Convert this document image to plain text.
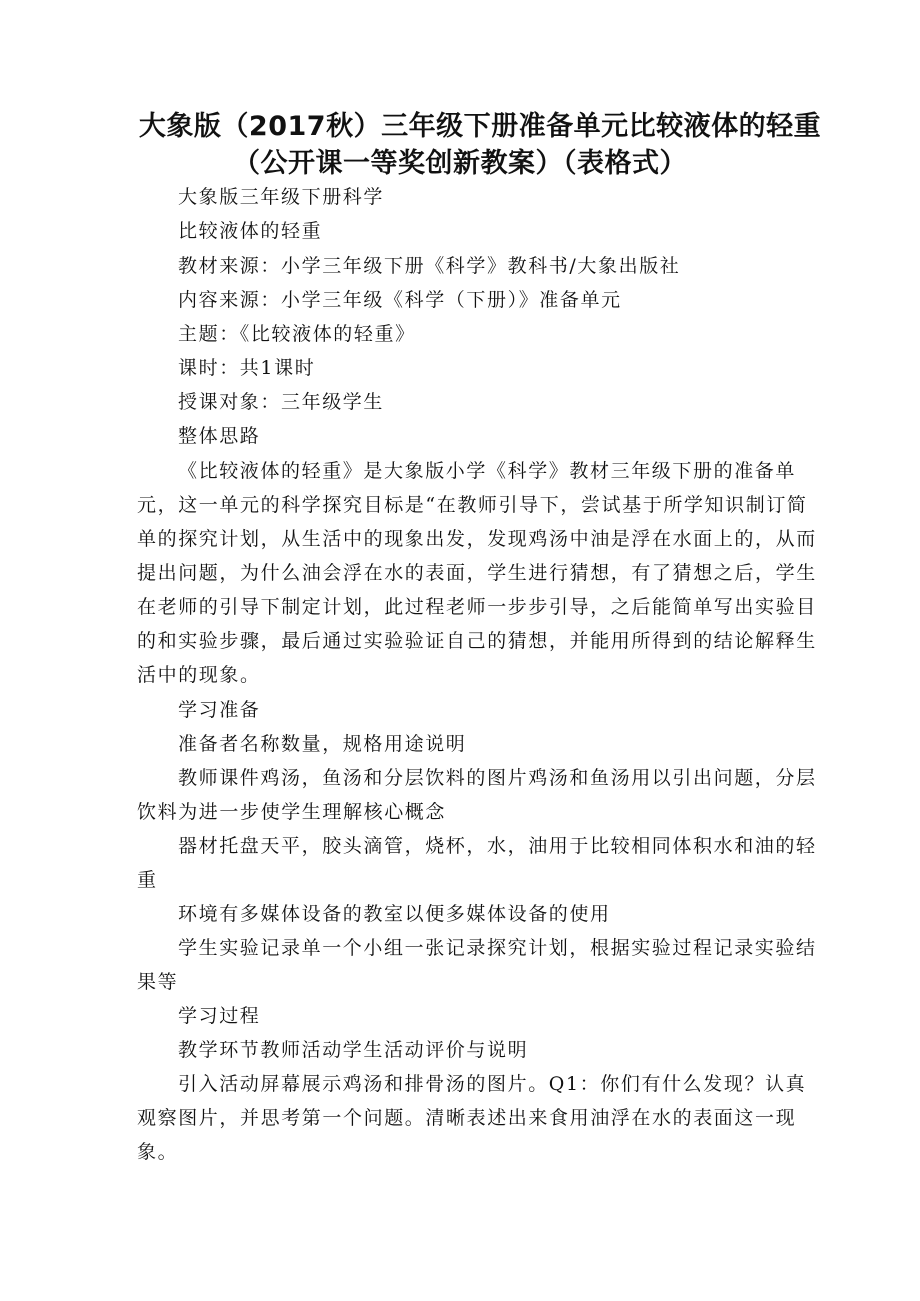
大象版（2017秋）三年级下册准备单元比较液体的轻重
（公开课一等奖创新教案）（表格式）
大象版三年级下册科学
比较液体的轻重
教材来源：小学三年级下册《科学》教科书/大象出版社
内容来源：小学三年级《科学（下册）》准备单元
主题：《比较液体的轻重》
课时：共1课时
授课对象：三年级学生
整体思路
《比较液体的轻重》是大象版小学《科学》教材三年级下册的准备单
元，这一单元的科学探究目标是“在教师引导下，尝试基于所学知识制订简
单的探究计划，从生活中的现象出发，发现鸡汤中油是浮在水面上的，从而
提出问题，为什么油会浮在水的表面，学生进行猜想，有了猜想之后，学生
在老师的引导下制定计划，此过程老师一步步引导，之后能简单写出实验目
的和实验步骤，最后通过实验验证自己的猜想，并能用所得到的结论解释生
活中的现象。
学习准备
准备者名称数量，规格用途说明
教师课件鸡汤，鱼汤和分层饮料的图片鸡汤和鱼汤用以引出问题，分层
饮料为进一步使学生理解核心概念
器材托盘天平，胶头滴管，烧杯，水，油用于比较相同体积水和油的轻
重
环境有多媒体设备的教室以便多媒体设备的使用
学生实验记录单一个小组一张记录探究计划，根据实验过程记录实验结
果等
学习过程
教学环节教师活动学生活动评价与说明
引入活动屏幕展示鸡汤和排骨汤的图片。Q1：你们有什么发现？认真
观察图片，并思考第一个问题。清晰表述出来食用油浮在水的表面这一现
象。
